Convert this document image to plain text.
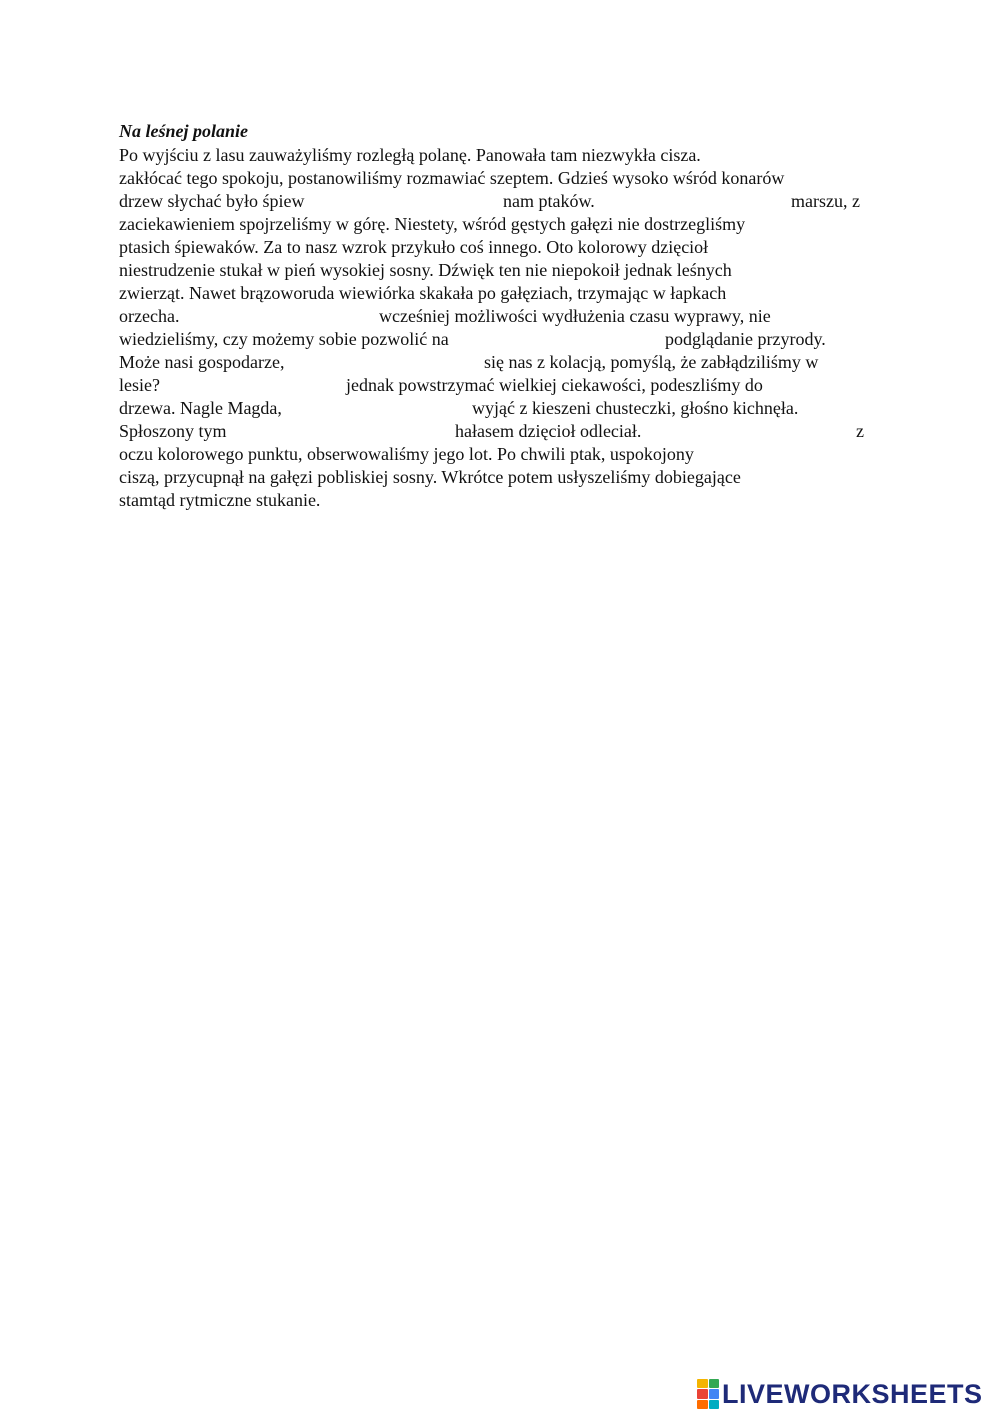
Na leśnej polanie
Po wyjściu z lasu zauważyliśmy rozległą polanę. Panowała tam niezwykła cisza.
zakłócać tego spokoju, postanowiliśmy rozmawiać szeptem. Gdzieś wysoko wśród konarów
drzew słychać było śpiew	nam ptaków.	marszu, z
zaciekawieniem spojrzeliśmy w górę. Niestety, wśród gęstych gałęzi nie dostrzegliśmy
ptasich śpiewaków. Za to nasz wzrok przykuło coś innego. Oto kolorowy dzięcioł
niestrudzenie stukał w pień wysokiej sosny. Dźwięk ten nie niepokoił jednak leśnych
zwierząt. Nawet brązoworuda wiewiórka skakała po gałęziach, trzymając w łapkach
orzecha.	wcześniej możliwości wydłużenia czasu wyprawy, nie
wiedzieliśmy, czy możemy sobie pozwolić na	podglądanie przyrody.
Może nasi gospodarze,	się nas z kolacją, pomyślą, że zabłądziliśmy w
lesie?	jednak powstrzymać wielkiej ciekawości, podeszliśmy do
drzewa. Nagle Magda,	wyjąć z kieszeni chusteczki, głośno kichnęła.
Spłoszony tym	hałasem dzięcioł odleciał.	z
oczu kolorowego punktu, obserwowaliśmy jego lot. Po chwili ptak, uspokojony
ciszą, przycupnął na gałęzi pobliskiej sosny. Wkrótce potem usłyszeliśmy dobiegające
stamtąd rytmiczne stukanie.
LIVEWORKSHEETS
